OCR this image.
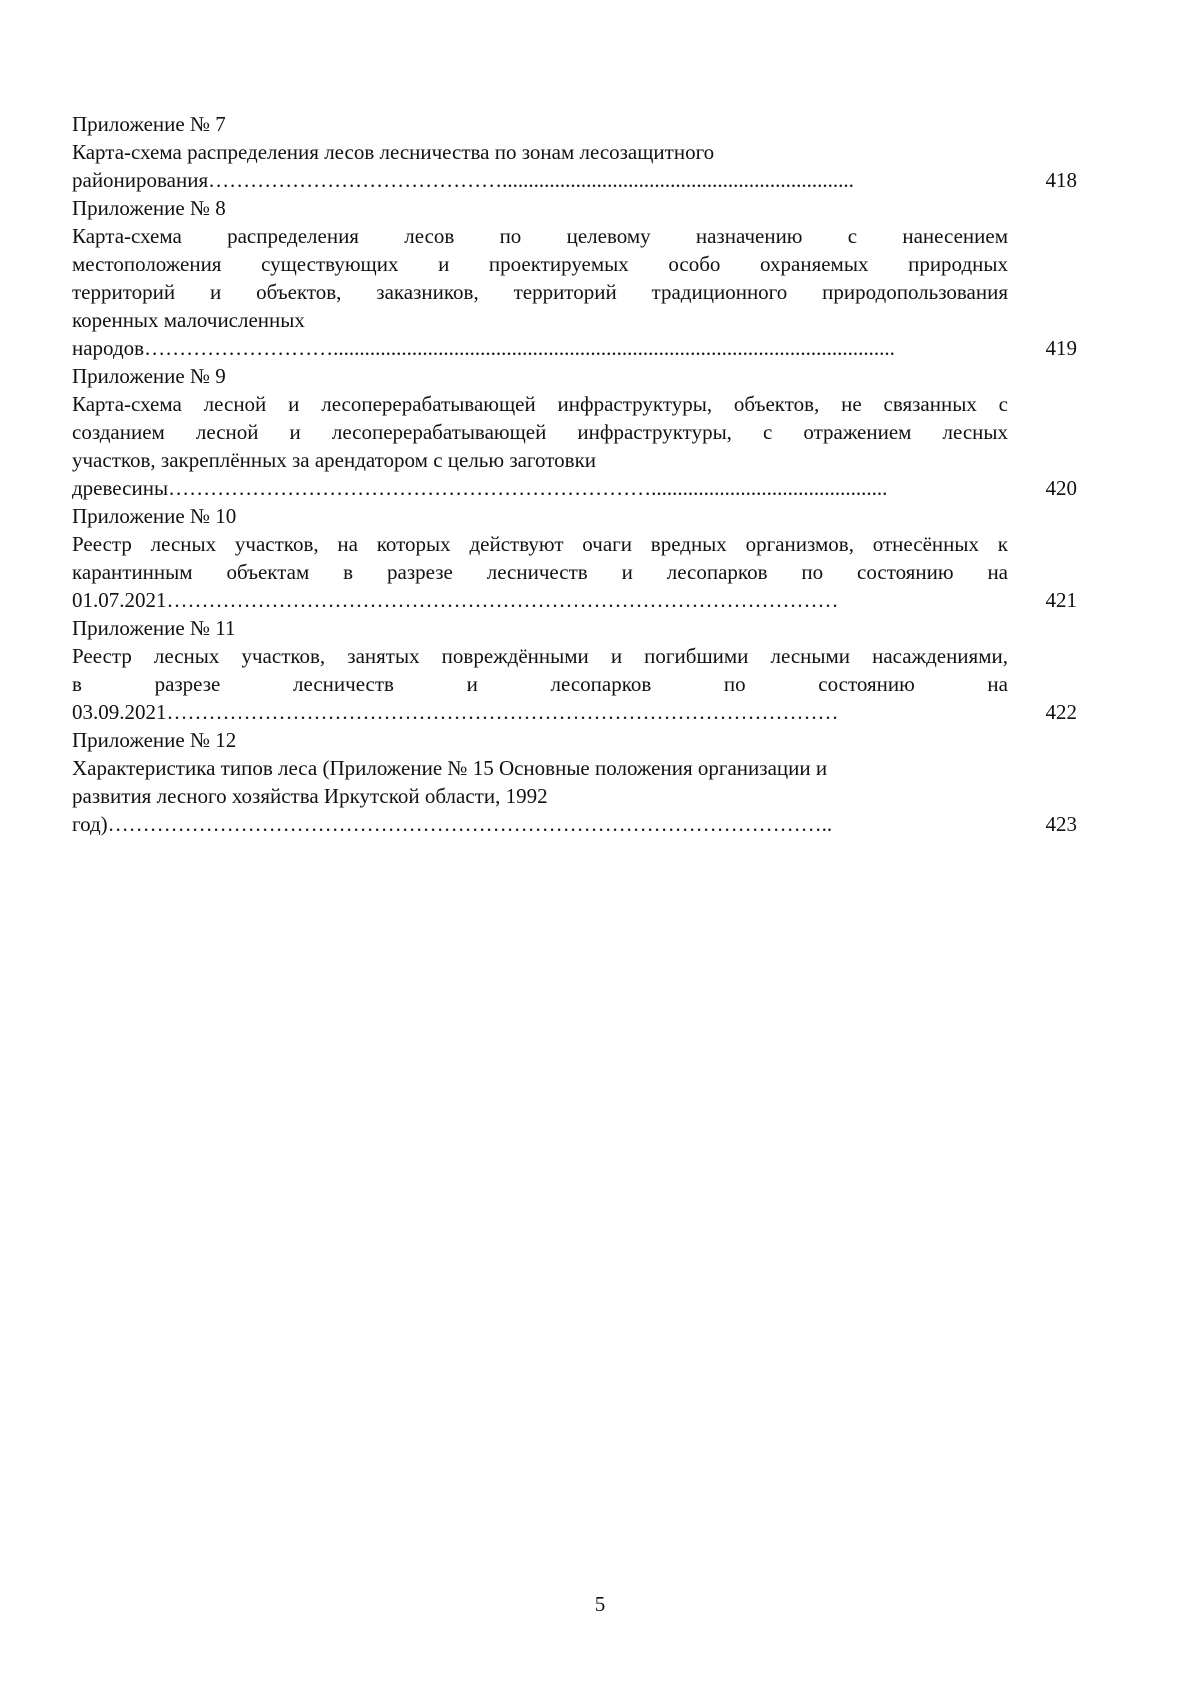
Приложение № 7
Карта-схема распределения лесов лесничества по зонам лесозащитного
районирования……………………………………...................................................................	418
Приложение № 8
Карта-схема распределения лесов по целевому назначению с нанесением
местоположения существующих и проектируемых особо охраняемых природных
территорий и объектов, заказников, территорий традиционного природопользования
коренных малочисленных
народов………………………...........................................................................................................	419
Приложение № 9
Карта-схема лесной и лесоперерабатывающей инфраструктуры, объектов, не связанных с
созданием лесной и лесоперерабатывающей инфраструктуры, с отражением лесных
участков, закреплённых за арендатором с целью заготовки
древесины…………………………………………………………….............................................	420
Приложение № 10
Реестр лесных участков, на которых действуют очаги вредных организмов, отнесённых к
карантинным объектам в разрезе лесничеств и лесопарков по состоянию на
01.07.2021……………………………………………………………………………………	421
Приложение № 11
Реестр лесных участков, занятых повреждёнными и погибшими лесными насаждениями,
в разрезе лесничеств и лесопарков по состоянию на
03.09.2021……………………………………………………………………………………	422
Приложение № 12
Характеристика типов леса (Приложение № 15 Основные положения организации и
развития лесного хозяйства Иркутской области, 1992
год)…………………………………………………………………………………………..	423
5
